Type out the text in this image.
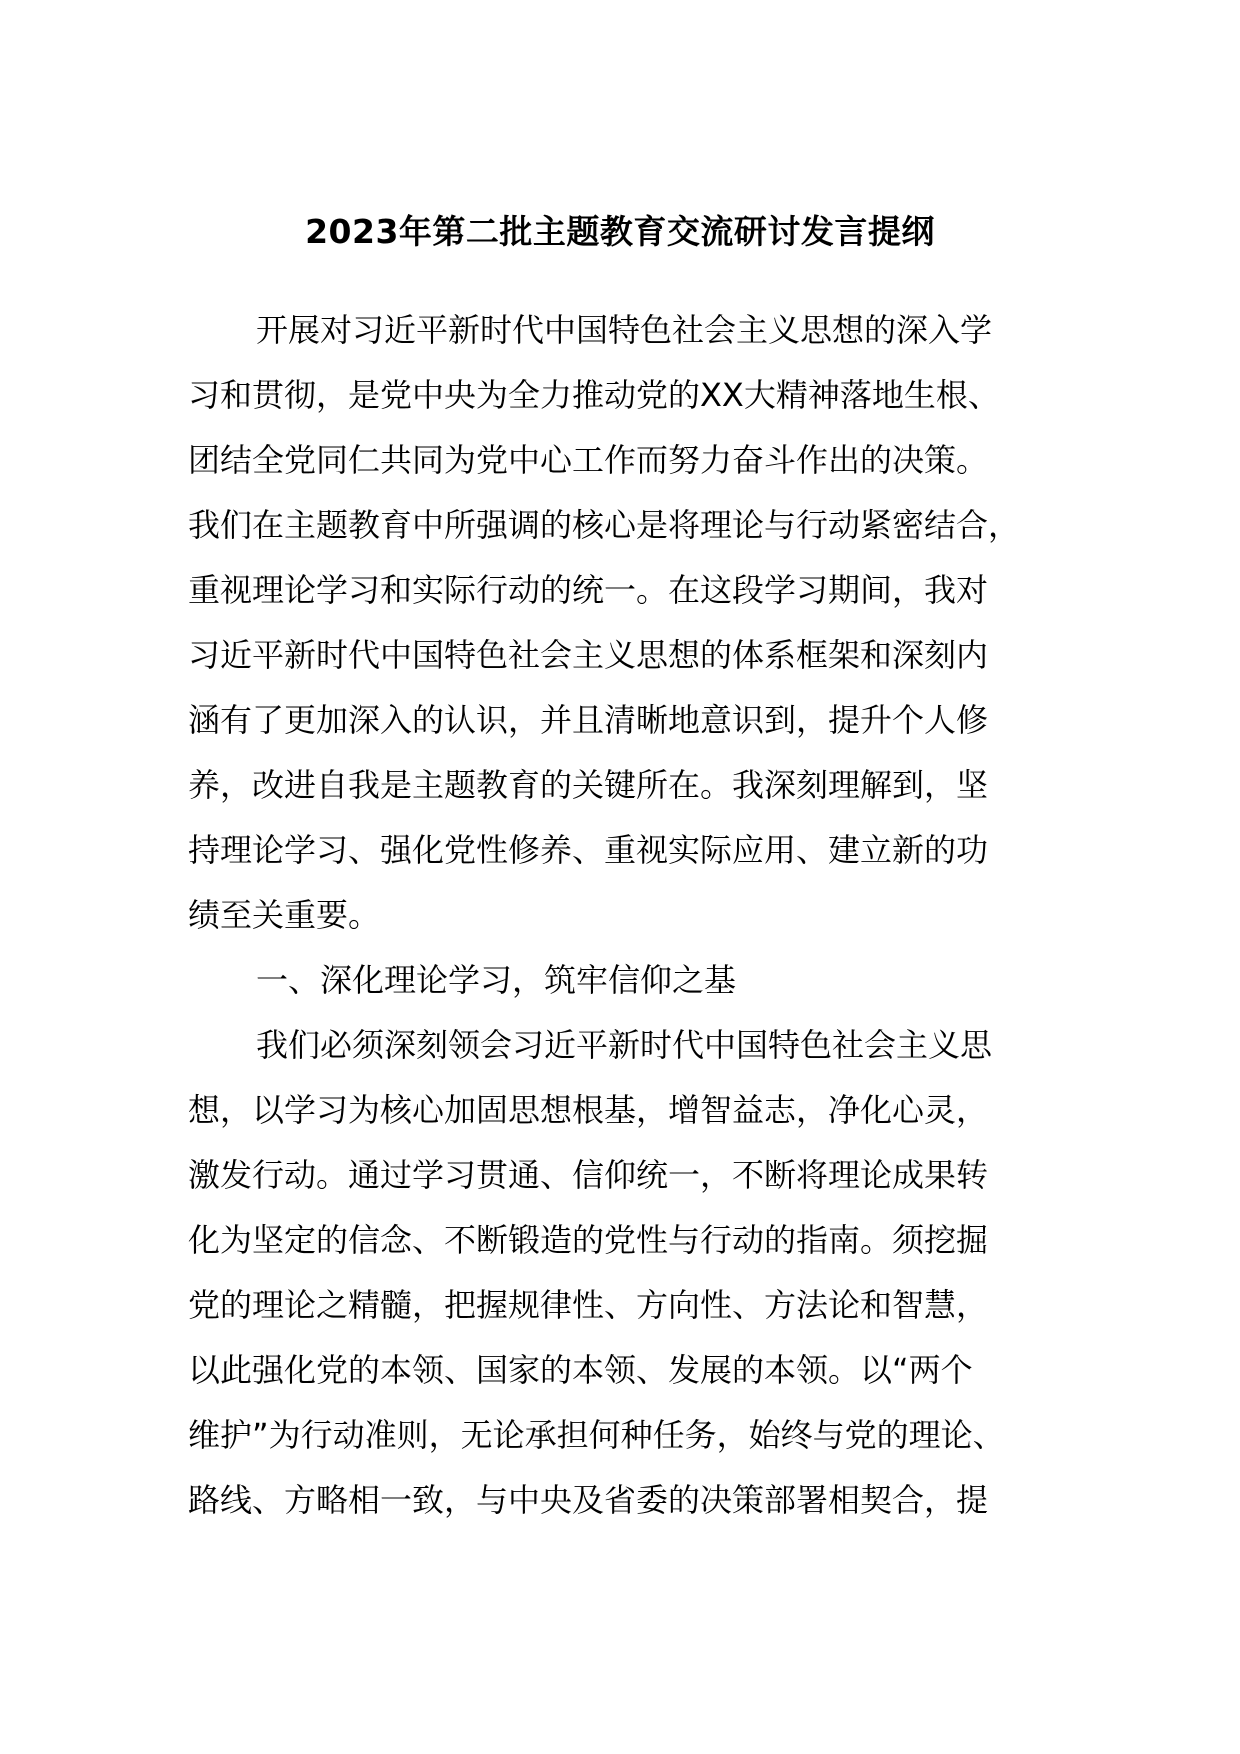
2023年第二批主题教育交流研讨发言提纲
开展对习近平新时代中国特色社会主义思想的深入学
习和贯彻，是党中央为全力推动党的XX大精神落地生根、
团结全党同仁共同为党中心工作而努力奋斗作出的决策。
我们在主题教育中所强调的核心是将理论与行动紧密结合，
重视理论学习和实际行动的统一。在这段学习期间，我对
习近平新时代中国特色社会主义思想的体系框架和深刻内
涵有了更加深入的认识，并且清晰地意识到，提升个人修
养，改进自我是主题教育的关键所在。我深刻理解到，坚
持理论学习、强化党性修养、重视实际应用、建立新的功
绩至关重要。
一、深化理论学习，筑牢信仰之基
我们必须深刻领会习近平新时代中国特色社会主义思
想，以学习为核心加固思想根基，增智益志，净化心灵，
激发行动。通过学习贯通、信仰统一，不断将理论成果转
化为坚定的信念、不断锻造的党性与行动的指南。须挖掘
党的理论之精髓，把握规律性、方向性、方法论和智慧，
以此强化党的本领、国家的本领、发展的本领。以“两个
维护”为行动准则，无论承担何种任务，始终与党的理论、
路线、方略相一致，与中央及省委的决策部署相契合，提
